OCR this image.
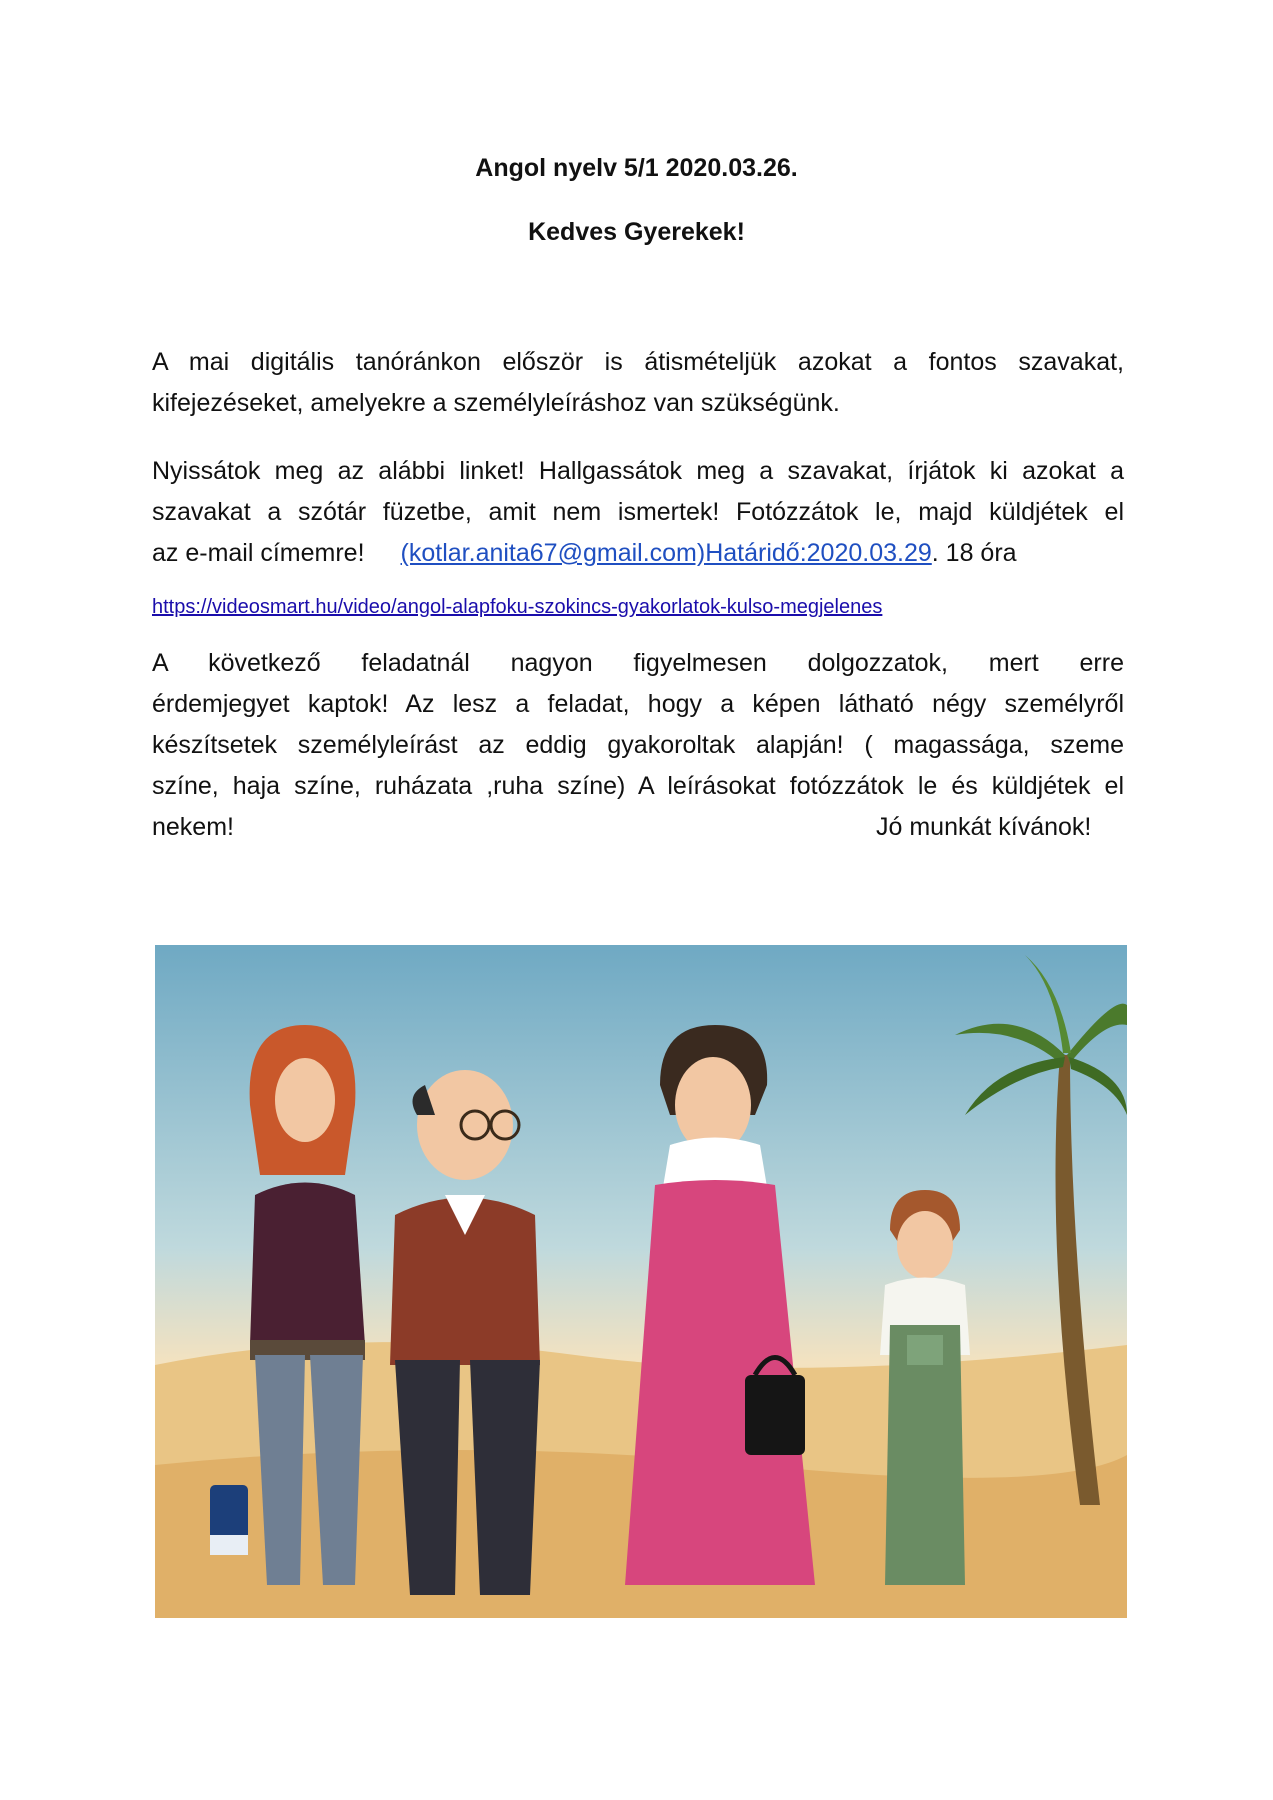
Angol nyelv 5/1 2020.03.26.
Kedves Gyerekek!
A mai digitális tanóránkon először is átismételjük azokat a fontos szavakat,
kifejezéseket, amelyekre a személyleíráshoz van szükségünk.
Nyissátok meg az alábbi linket! Hallgassátok meg a szavakat, írjátok ki azokat a
szavakat a szótár füzetbe, amit nem ismertek! Fotózzátok le, majd küldjétek el
az e-mail címemre! (kotlar.anita67@gmail.com)Határidő:2020.03.29. 18 óra
https://videosmart.hu/video/angol-alapfoku-szokincs-gyakorlatok-kulso-megjelenes
A következő feladatnál nagyon figyelmesen dolgozzatok, mert erre
érdemjegyet kaptok! Az lesz a feladat, hogy a képen látható négy személyről
készítsetek személyleírást az eddig gyakoroltak alapján! ( magassága, szeme
színe, haja színe, ruházata ,ruha színe) A leírásokat fotózzátok le és küldjétek el
nekem!	Jó munkát kívánok!
